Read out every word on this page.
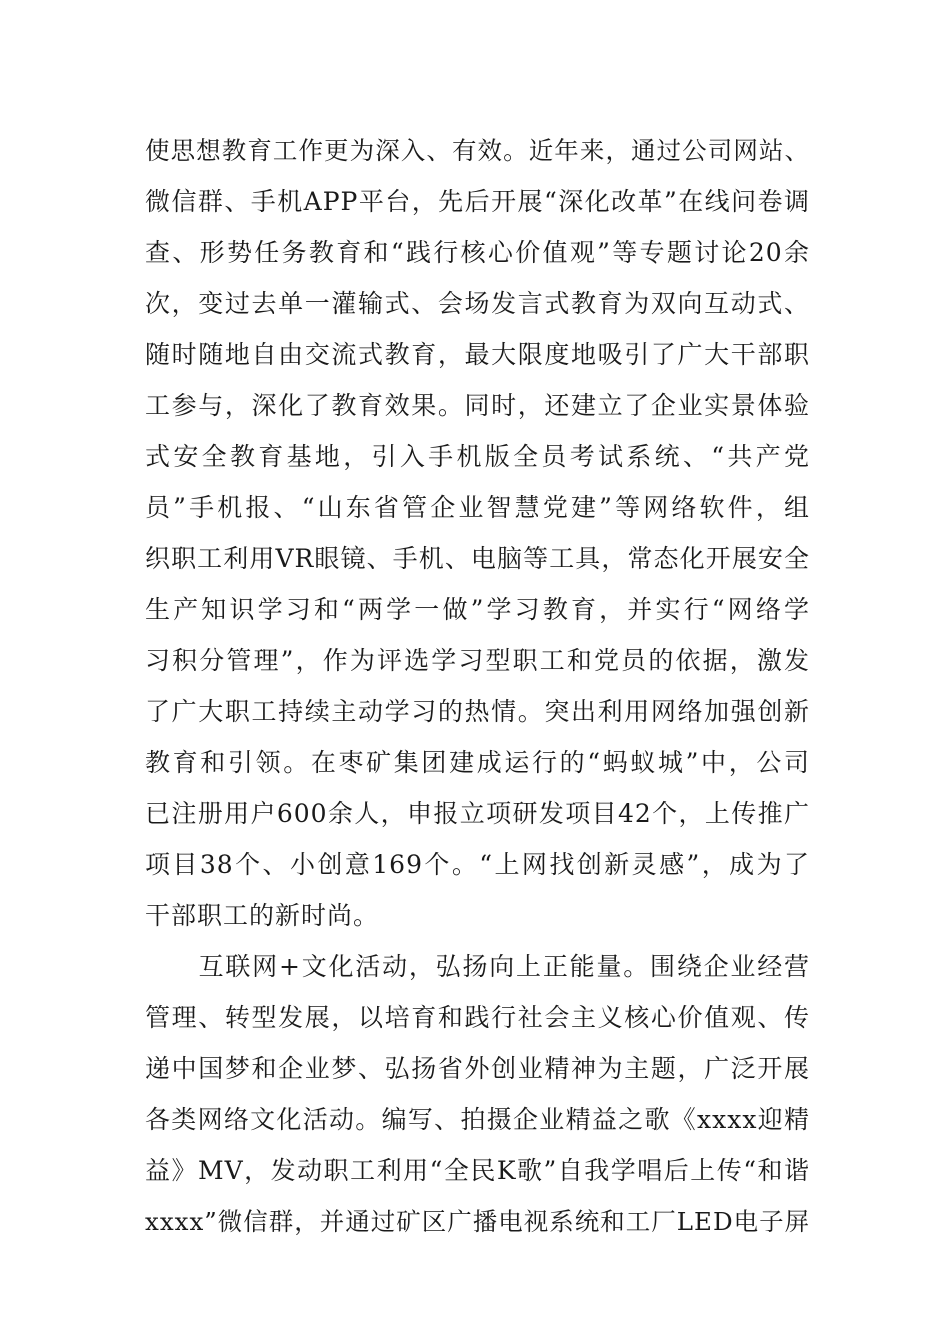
使思想教育工作更为深入、有效。近年来，通过公司网站、
微信群、手机APP平台，先后开展“深化改革”在线问卷调
查、形势任务教育和“践行核心价值观”等专题讨论20余
次，变过去单一灌输式、会场发言式教育为双向互动式、
随时随地自由交流式教育，最大限度地吸引了广大干部职
工参与，深化了教育效果。同时，还建立了企业实景体验
式安全教育基地，引入手机版全员考试系统、“共产党
员”手机报、“山东省管企业智慧党建”等网络软件，组
织职工利用VR眼镜、手机、电脑等工具，常态化开展安全
生产知识学习和“两学一做”学习教育，并实行“网络学
习积分管理”，作为评选学习型职工和党员的依据，激发
了广大职工持续主动学习的热情。突出利用网络加强创新
教育和引领。在枣矿集团建成运行的“蚂蚁城”中，公司
已注册用户600余人，申报立项研发项目42个，上传推广
项目38个、小创意169个。“上网找创新灵感”，成为了
干部职工的新时尚。
　　互联网+文化活动，弘扬向上正能量。围绕企业经营
管理、转型发展，以培育和践行社会主义核心价值观、传
递中国梦和企业梦、弘扬省外创业精神为主题，广泛开展
各类网络文化活动。编写、拍摄企业精益之歌《xxxx迎精
益》MV，发动职工利用“全民K歌”自我学唱后上传“和谐
xxxx”微信群，并通过矿区广播电视系统和工厂LED电子屏
